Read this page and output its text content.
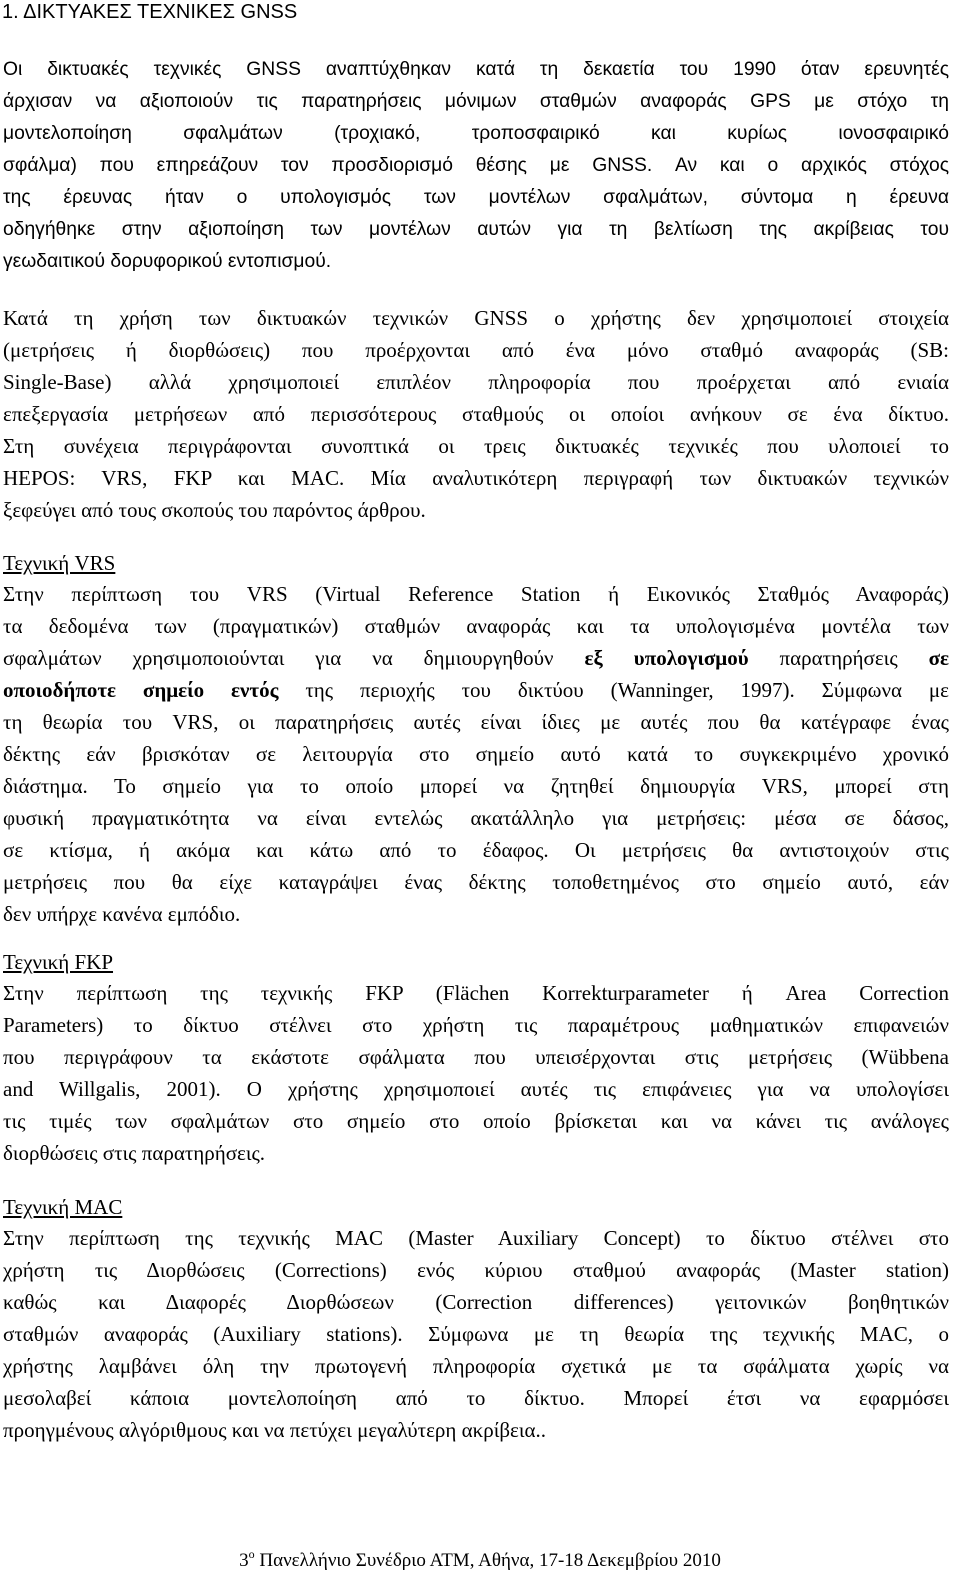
1. ΔΙΚΤΥΑΚΕΣ ΤΕΧΝΙΚΕΣ GNSS
Οι δικτυακές τεχνικές GNSS αναπτύχθηκαν κατά τη δεκαετία του 1990 όταν ερευνητές
άρχισαν να αξιοποιούν τις παρατηρήσεις μόνιμων σταθμών αναφοράς GPS με στόχο τη
μοντελοποίηση σφαλμάτων (τροχιακό, τροποσφαιρικό και κυρίως ιονοσφαιρικό
σφάλμα) που επηρεάζουν τον προσδιορισμό θέσης με GNSS. Αν και ο αρχικός στόχος
της έρευνας ήταν ο υπολογισμός των μοντέλων σφαλμάτων, σύντομα η έρευνα
οδηγήθηκε στην αξιοποίηση των μοντέλων αυτών για τη βελτίωση της ακρίβειας του
γεωδαιτικού δορυφορικού εντοπισμού.
Κατά τη χρήση των δικτυακών τεχνικών GNSS ο χρήστης δεν χρησιμοποιεί στοιχεία
(μετρήσεις ή διορθώσεις) που προέρχονται από ένα μόνο σταθμό αναφοράς (SB:
Single-Base) αλλά χρησιμοποιεί επιπλέον πληροφορία που προέρχεται από ενιαία
επεξεργασία μετρήσεων από περισσότερους σταθμούς οι οποίοι ανήκουν σε ένα δίκτυο.
Στη συνέχεια περιγράφονται συνοπτικά οι τρεις δικτυακές τεχνικές που υλοποιεί το
HEPOS: VRS, FKP και MAC. Μία αναλυτικότερη περιγραφή των δικτυακών τεχνικών
ξεφεύγει από τους σκοπούς του παρόντος άρθρου.
Τεχνική VRS
Στην περίπτωση του VRS (Virtual Reference Station ή Εικονικός Σταθμός Αναφοράς)
τα δεδομένα των (πραγματικών) σταθμών αναφοράς και τα υπολογισμένα μοντέλα των
σφαλμάτων χρησιμοποιούνται για να δημιουργηθούν εξ υπολογισμού παρατηρήσεις σε
οποιοδήποτε σημείο εντός της περιοχής του δικτύου (Wanninger, 1997). Σύμφωνα με
τη θεωρία του VRS, οι παρατηρήσεις αυτές είναι ίδιες με αυτές που θα κατέγραφε ένας
δέκτης εάν βρισκόταν σε λειτουργία στο σημείο αυτό κατά το συγκεκριμένο χρονικό
διάστημα. Το σημείο για το οποίο μπορεί να ζητηθεί δημιουργία VRS, μπορεί στη
φυσική πραγματικότητα να είναι εντελώς ακατάλληλο για μετρήσεις: μέσα σε δάσος,
σε κτίσμα, ή ακόμα και κάτω από το έδαφος. Οι μετρήσεις θα αντιστοιχούν στις
μετρήσεις που θα είχε καταγράψει ένας δέκτης τοποθετημένος στο σημείο αυτό, εάν
δεν υπήρχε κανένα εμπόδιο.
Τεχνική FKP
Στην περίπτωση της τεχνικής FKP (Flächen Korrekturparameter ή Area Correction
Parameters) το δίκτυο στέλνει στο χρήστη τις παραμέτρους μαθηματικών επιφανειών
που περιγράφουν τα εκάστοτε σφάλματα που υπεισέρχονται στις μετρήσεις (Wübbena
and Willgalis, 2001). Ο χρήστης χρησιμοποιεί αυτές τις επιφάνειες για να υπολογίσει
τις τιμές των σφαλμάτων στο σημείο στο οποίο βρίσκεται και να κάνει τις ανάλογες
διορθώσεις στις παρατηρήσεις.
Τεχνική MAC
Στην περίπτωση της τεχνικής MAC (Master Auxiliary Concept) το δίκτυο στέλνει στο
χρήστη τις Διορθώσεις (Corrections) ενός κύριου σταθμού αναφοράς (Master station)
καθώς και Διαφορές Διορθώσεων (Correction differences) γειτονικών βοηθητικών
σταθμών αναφοράς (Auxiliary stations). Σύμφωνα με τη θεωρία της τεχνικής MAC, ο
χρήστης λαμβάνει όλη την πρωτογενή πληροφορία σχετικά με τα σφάλματα χωρίς να
μεσολαβεί κάποια μοντελοποίηση από το δίκτυο. Μπορεί έτσι να εφαρμόσει
προηγμένους αλγόριθμους και να πετύχει μεγαλύτερη ακρίβεια..
$3^o$ Πανελλήνιο Συνέδριο ΑΤΜ, Αθήνα, 17-18 Δεκεμβρίου 2010
